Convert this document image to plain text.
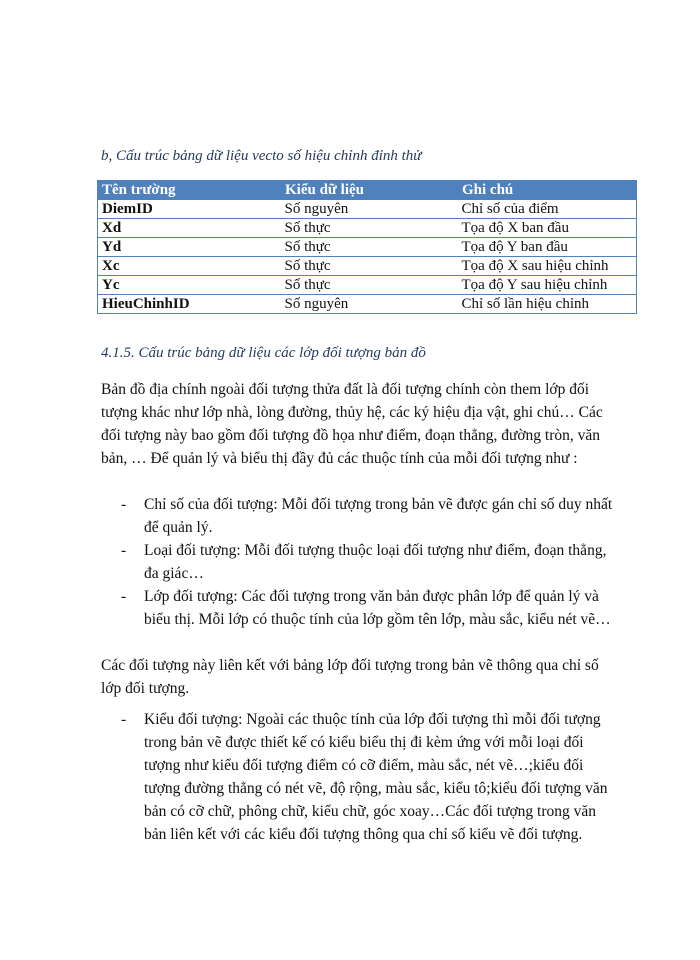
b, Cấu trúc bảng dữ liệu vecto số hiệu chỉnh đỉnh thử
Tên trường	Kiểu dữ liệu	Ghi chú
DiemID	Số nguyên	Chỉ số của điểm
Xd	Số thực	Tọa độ X ban đầu
Yd	Số thực	Tọa độ Y ban đầu
Xc	Số thực	Tọa độ X sau hiệu chỉnh
Yc	Số thực	Tọa độ Y sau hiệu chỉnh
HieuChinhID	Số nguyên	Chỉ số lần hiệu chỉnh
4.1.5. Cấu trúc bảng dữ liệu các lớp đối tượng bản đồ

Bản đồ địa chính ngoài đối tượng thửa đất là đối tượng chính còn them lớp đối tượng khác như lớp nhà, lòng đường, thủy hệ, các ký hiệu địa vật, ghi chú… Các đối tượng này bao gồm đối tượng đồ họa như điểm, đoạn thẳng, đường tròn, văn bản, … Để quản lý và biểu thị đầy đủ các thuộc tính của mỗi đối tượng như :

- Chỉ số của đối tượng: Mỗi đối tượng trong bản vẽ được gán chỉ số duy nhất để quản lý.
- Loại đối tượng: Mỗi đối tượng thuộc loại đối tượng như điểm, đoạn thẳng, đa giác…
- Lớp đối tượng: Các đối tượng trong văn bản được phân lớp để quản lý và biểu thị. Mỗi lớp có thuộc tính của lớp gồm tên lớp, màu sắc, kiểu nét vẽ…

Các đối tượng này liên kết với bảng lớp đối tượng trong bản vẽ thông qua chỉ số lớp đối tượng.

- Kiểu đối tượng: Ngoài các thuộc tính của lớp đối tượng thì mỗi đối tượng trong bản vẽ được thiết kế có kiểu biểu thị đi kèm ứng với mỗi loại đối tượng như kiểu đối tượng điểm có cỡ điểm, màu sắc, nét vẽ…;kiểu đối tượng đường thẳng có nét vẽ, độ rộng, màu sắc, kiểu tô;kiểu đối tượng văn bản có cỡ chữ, phông chữ, kiểu chữ, góc xoay…Các đối tượng trong văn bản liên kết với các kiểu đối tượng thông qua chỉ số kiểu vẽ đối tượng.
